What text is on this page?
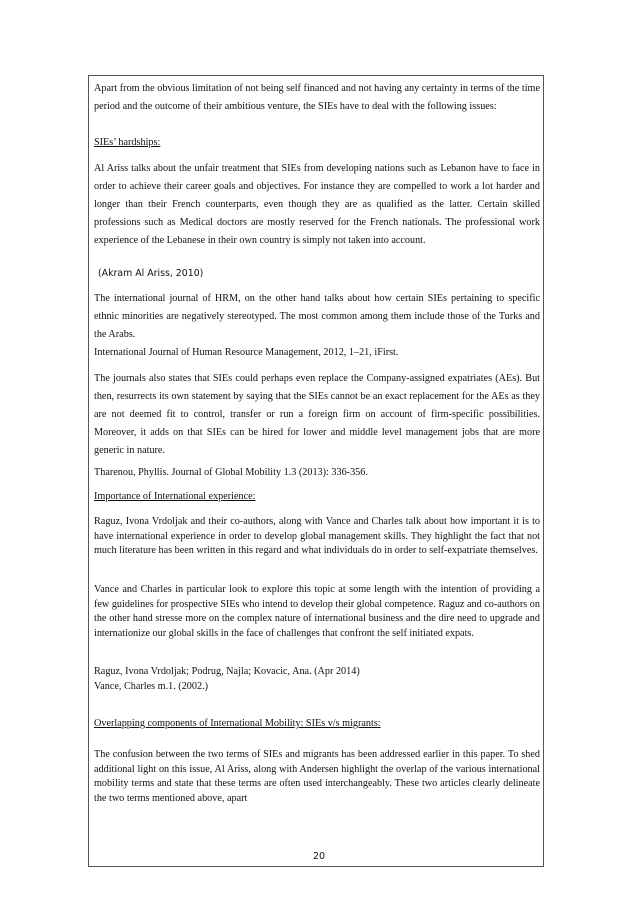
Apart from the obvious limitation of not being self financed and not having any certainty in terms of the time period and the outcome of their ambitious venture, the SIEs have to deal with the following issues:

SIEs’ hardships:

Al Ariss talks about the unfair treatment that SIEs from developing nations such as Lebanon have to face in order to achieve their career goals and objectives. For instance they are compelled to work a lot harder and longer than their French counterparts, even though they are as qualified as the latter. Certain skilled professions such as Medical doctors are mostly reserved for the French nationals. The professional work experience of the Lebanese in their own country is simply not taken into account.

(Akram Al Ariss, 2010)

The international journal of HRM, on the other hand talks about how certain SIEs pertaining to specific ethnic minorities are negatively stereotyped. The most common among them include those of the Turks and the Arabs.

International Journal of Human Resource Management, 2012, 1–21, iFirst.

The journals also states that SIEs could perhaps even replace the Company-assigned expatriates (AEs). But then, resurrects its own statement by saying that the SIEs cannot be an exact replacement for the AEs as they are not deemed fit to control, transfer or run a foreign firm on account of firm-specific possibilities. Moreover, it adds on that SIEs can be hired for lower and middle level management jobs that are more generic in nature.

Tharenou, Phyllis. Journal of Global Mobility 1.3 (2013): 336-356.

Importance of International experience:

Raguz, Ivona Vrdoljak and their co-authors, along with Vance and Charles talk about how important it is to have international experience in order to develop global management skills. They highlight the fact that not much literature has been written in this regard and what individuals do in order to self-expatriate themselves.

Vance and Charles in particular look to explore this topic at some length with the intention of providing a few guidelines for prospective SIEs who intend to develop their global competence. Raguz and co-authors on the other hand stresse more on the complex nature of international business and the dire need to upgrade and internationize our global skills in the face of challenges that confront the self initiated expats.

Raguz, Ivona Vrdoljak; Podrug, Najla; Kovacic, Ana. (Apr 2014)

Vance, Charles m.1. (2002.)

Overlapping components of International Mobility: SIEs v/s migrants:

The confusion between the two terms of SIEs and migrants has been addressed earlier in this paper. To shed additional light on this issue, Al Ariss, along with Andersen highlight the overlap of the various international mobility terms and state that these terms are often used interchangeably. These two articles clearly delineate the two terms mentioned above, apart

20
